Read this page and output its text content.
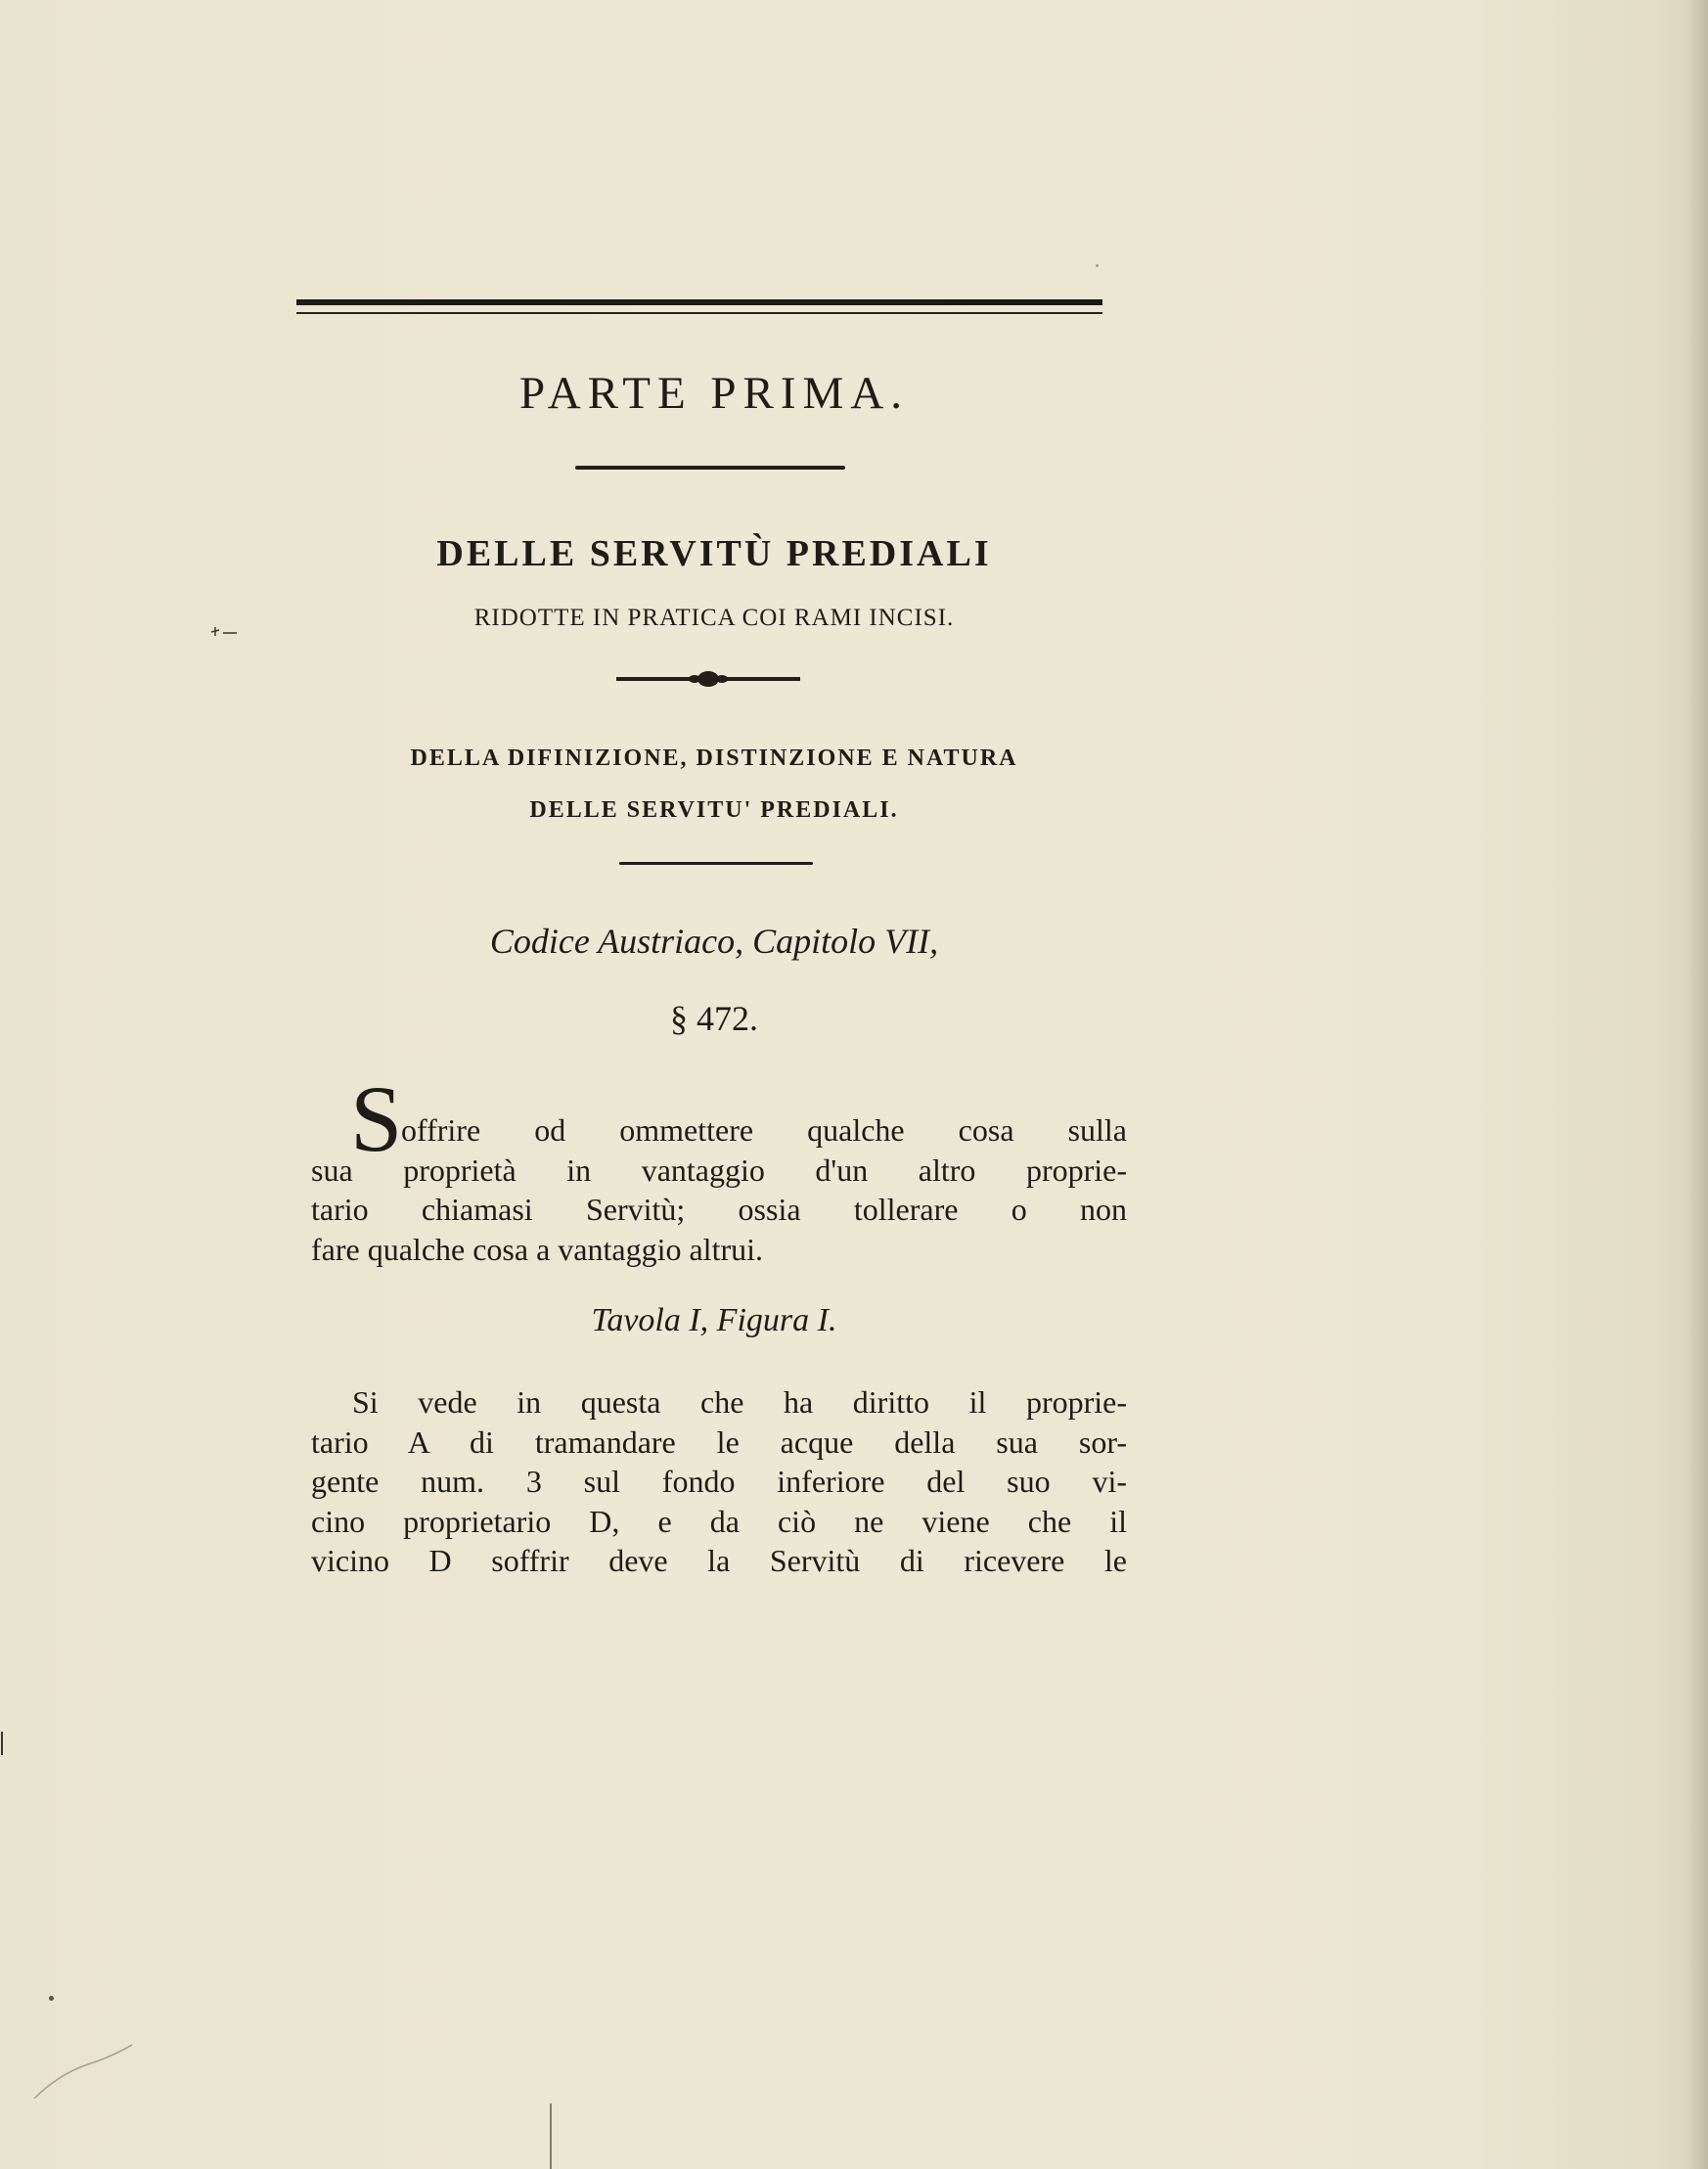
PARTE PRIMA.
DELLE SERVITÙ PREDIALI
RIDOTTE IN PRATICA COI RAMI INCISI.
DELLA DIFINIZIONE, DISTINZIONE E NATURA
DELLE SERVITU' PREDIALI.
Codice Austriaco, Capitolo VII,
§ 472.
S
offrire od ommettere qualche cosa sulla
sua proprietà in vantaggio d'un altro proprie-
tario chiamasi Servitù; ossia tollerare o non
fare qualche cosa a vantaggio altrui.
Tavola I, Figura I.
Si vede in questa che ha diritto il proprie-
tario A di tramandare le acque della sua sor-
gente num. 3 sul fondo inferiore del suo vi-
cino proprietario D, e da ciò ne viene che il
vicino D soffrir deve la Servitù di ricevere le
